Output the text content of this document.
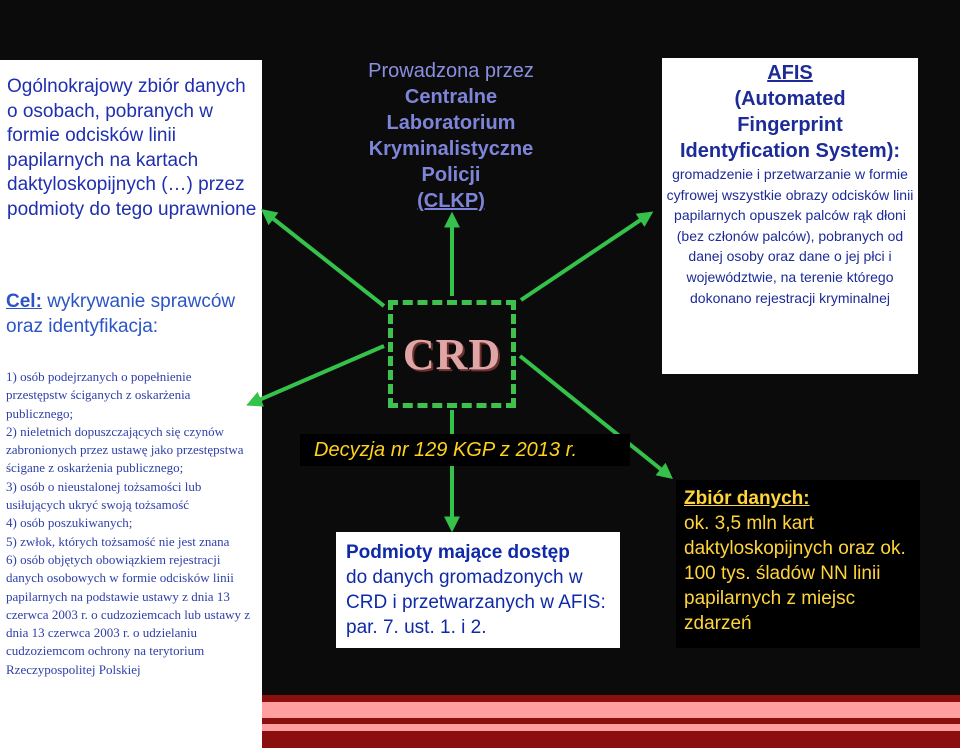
Ogólnokrajowy zbiór danych o osobach, pobranych w formie odcisków linii papilarnych na kartach daktyloskopijnych (…) przez podmioty do tego uprawnione
Cel: wykrywanie sprawców oraz identyfikacja:
1) osób podejrzanych o popełnienie przestępstw ściganych z oskarżenia publicznego;
2) nieletnich dopuszczających się czynów zabronionych przez ustawę jako przestępstwa ścigane z oskarżenia publicznego;
3) osób o nieustalonej tożsamości lub usiłujących ukryć swoją tożsamość
4) osób poszukiwanych;
5) zwłok, których tożsamość nie jest znana
6) osób objętych obowiązkiem rejestracji danych osobowych w formie odcisków linii papilarnych na podstawie ustawy z dnia 13 czerwca 2003 r. o cudzoziemcach lub ustawy z dnia 13 czerwca 2003 r. o udzielaniu cudzoziemcom ochrony na terytorium Rzeczypospolitej Polskiej
Prowadzona przez
Centralne
Laboratorium
Kryminalistyczne
Policji
(CLKP)
CRD
Decyzja nr 129 KGP z 2013 r.
Podmioty mające dostęp
do danych gromadzonych w CRD i przetwarzanych w AFIS: par. 7. ust. 1. i 2.
AFIS
(Automated
Fingerprint
Identyfication System):
gromadzenie i przetwarzanie w formie cyfrowej wszystkie obrazy odcisków linii papilarnych opuszek palców rąk dłoni (bez członów palców), pobranych od danej osoby oraz dane o jej płci i województwie, na terenie którego dokonano rejestracji kryminalnej
Zbiór danych:
ok. 3,5 mln kart daktyloskopijnych oraz ok. 100 tys. śladów NN linii papilarnych z miejsc zdarzeń
